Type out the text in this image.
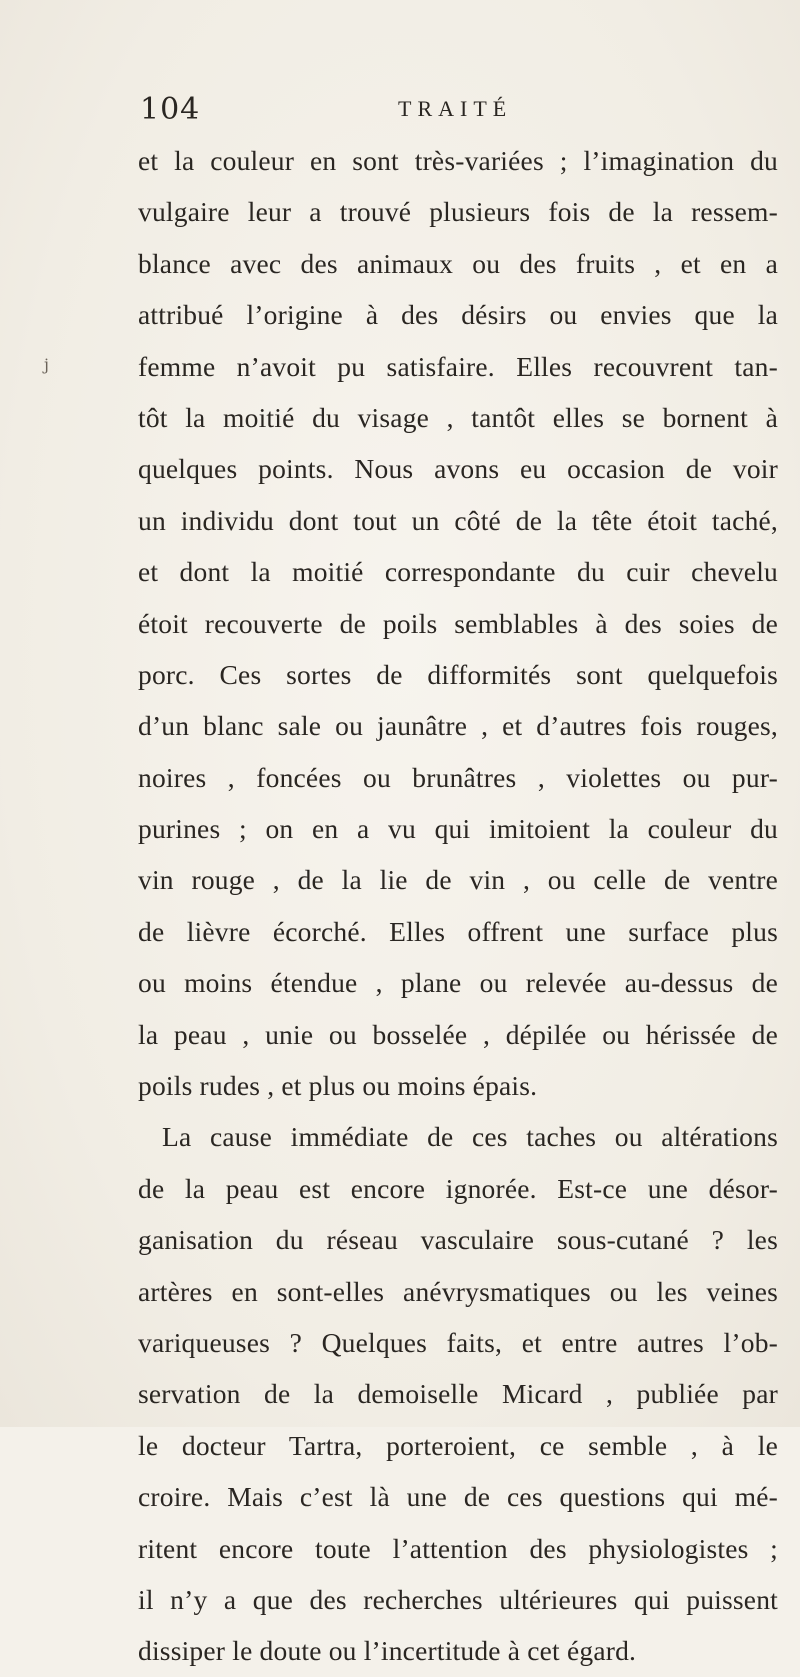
104	TRAITÉ
j
et la couleur en sont très-variées ; l’imagination du
vulgaire leur a trouvé plusieurs fois de la ressem-
blance avec des animaux ou des fruits , et en a
attribué l’origine à des désirs ou envies que la
femme n’avoit pu satisfaire. Elles recouvrent tan-
tôt la moitié du visage , tantôt elles se bornent à
quelques points. Nous avons eu occasion de voir
un individu dont tout un côté de la tête étoit taché,
et dont la moitié correspondante du cuir chevelu
étoit recouverte de poils semblables à des soies de
porc. Ces sortes de difformités sont quelquefois
d’un blanc sale ou jaunâtre , et d’autres fois rouges,
noires , foncées ou brunâtres , violettes ou pur-
purines ; on en a vu qui imitoient la couleur du
vin rouge , de la lie de vin , ou celle de ventre
de lièvre écorché. Elles offrent une surface plus
ou moins étendue , plane ou relevée au-dessus de
la peau , unie ou bosselée , dépilée ou hérissée de
poils rudes , et plus ou moins épais.
La cause immédiate de ces taches ou altérations
de la peau est encore ignorée. Est-ce une désor-
ganisation du réseau vasculaire sous-cutané ? les
artères en sont-elles anévrysmatiques ou les veines
variqueuses ? Quelques faits, et entre autres l’ob-
servation de la demoiselle Micard , publiée par
le docteur Tartra, porteroient, ce semble , à le
croire. Mais c’est là une de ces questions qui mé-
ritent encore toute l’attention des physiologistes ;
il n’y a que des recherches ultérieures qui puissent
dissiper le doute ou l’incertitude à cet égard.
